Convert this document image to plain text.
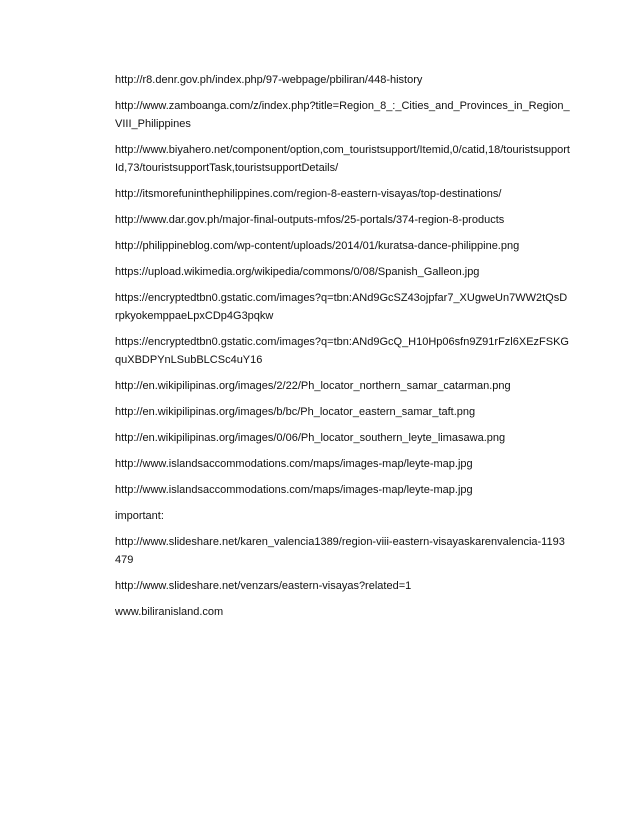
http://r8.denr.gov.ph/index.php/97-webpage/pbiliran/448-history

http://www.zamboanga.com/z/index.php?title=Region_8_:_Cities_and_Provinces_in_Region_VIII_Philippines

http://www.biyahero.net/component/option,com_touristsupport/Itemid,0/catid,18/touristsupportId,73/touristsupportTask,touristsupportDetails/

http://itsmorefuninthephilippines.com/region-8-eastern-visayas/top-destinations/

http://www.dar.gov.ph/major-final-outputs-mfos/25-portals/374-region-8-products

http://philippineblog.com/wp-content/uploads/2014/01/kuratsa-dance-philippine.png

https://upload.wikimedia.org/wikipedia/commons/0/08/Spanish_Galleon.jpg

https://encryptedtbn0.gstatic.com/images?q=tbn:ANd9GcSZ43ojpfar7_XUgweUn7WW2tQsDrpkyokemppaeLpxCDp4G3pqkw

https://encryptedtbn0.gstatic.com/images?q=tbn:ANd9GcQ_H10Hp06sfn9Z91rFzl6XEzFSKGquXBDPYnLSubBLCSc4uY16

http://en.wikipilipinas.org/images/2/22/Ph_locator_northern_samar_catarman.png

http://en.wikipilipinas.org/images/b/bc/Ph_locator_eastern_samar_taft.png

http://en.wikipilipinas.org/images/0/06/Ph_locator_southern_leyte_limasawa.png

http://www.islandsaccommodations.com/maps/images-map/leyte-map.jpg

http://www.islandsaccommodations.com/maps/images-map/leyte-map.jpg

important:

http://www.slideshare.net/karen_valencia1389/region-viii-eastern-visayaskarenvalencia-1193479

http://www.slideshare.net/venzars/eastern-visayas?related=1

www.biliranisland.com
